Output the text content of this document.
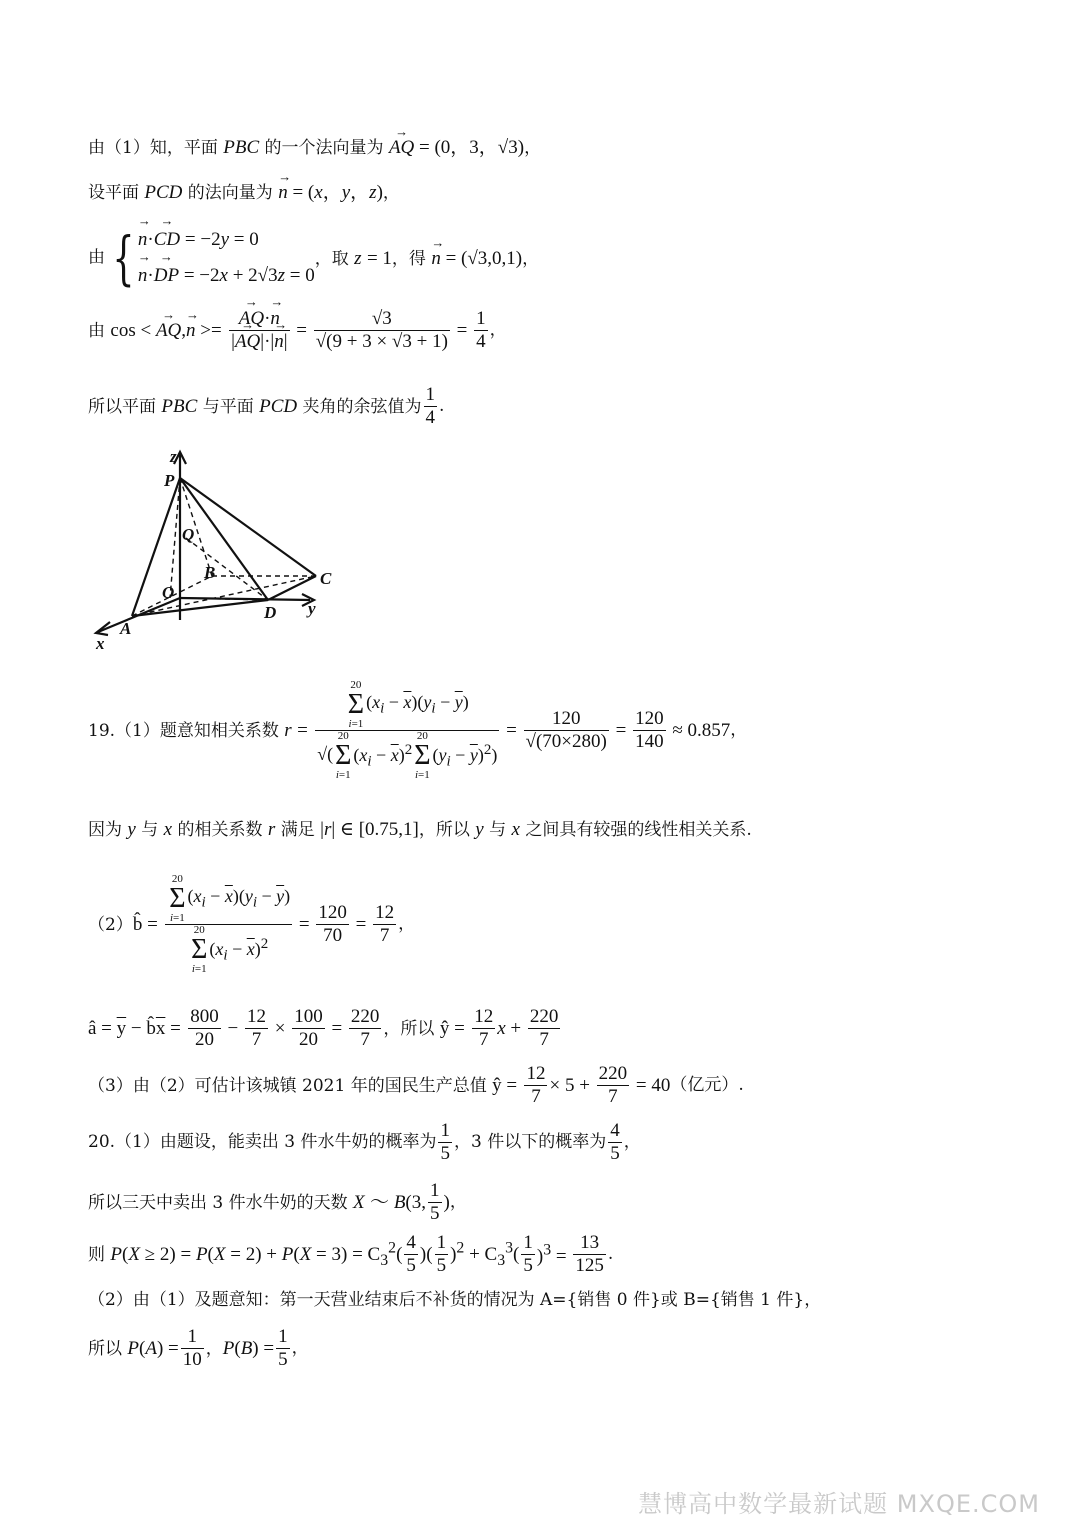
由（1）知，平面 PBC 的一个法向量为 → AQ = (0，3，√3)，
设平面 PCD 的法向量为 → n = (x，y，z)，
由 { → n·→ CD = −2y = 0
→ n·→ DP = −2x + 2√3z = 0
，取 z = 1，得 → n = (√3,0,1)，
由 cos < → AQ,→ n >= → $\frac{AQ\cdot\to n}{|\to AQ|\cdot|\to n|} = \frac{√3}{√(9 + 3 \times √3 + 1)} = \frac{1}{4}$ ，
所以平面 PBC 与平面 PCD 夹角的余弦值为 $\frac{1}{4}$ .
z
P
Q
B	C
O
D y
A
x
19.（1）题意知相关系数 r = 20
Σ
$i=1(x_i - \overline{x})(y_i - \overline{y})$
√(20
Σ
$i=1(x_i - \overline{x})^220$
Σ
$i=1(y_i - \overline{y})^2) = \frac{120}{√(70\times 280)} = \frac{120}{140} \approx 0.857$，
因为 y 与 x 的相关系数 r 满足 |r| ∈ [0.75,1]，所以 y 与 x 之间具有较强的线性相关关系.
（2）b̂ = 20
Σ
$i=1(x_i - \overline{x})(y_i - \overline{y})$
20
Σ
$i=1(x_i - \overline{x})^2 = \frac{120}{70} = \frac{12}{7}$ ，
â = $\overline{y}$ − $b̂\overline{x} = \frac{800}{20} - \frac{12}{7} \times \frac{100}{20} = \frac{220}{7}$ ，所以 ŷ = $\frac{12}{7}$ $x + \frac{220}{7}$
（3）由（2）可估计该城镇 2021 年的国民生产总值 ŷ = $\frac{12}{7} \times 5 + \frac{220}{7} = 40$（亿元）.
20.（1）由题设，能卖出 3 件水牛奶的概率为 $\frac{1}{5}$ ，3 件以下的概率为 $\frac{4}{5}$ ，
所以三天中卖出 3 件水牛奶的天数 X ～ B(3, $\frac{1}{5}$ )，
则 $P(X \ge 2) = P(X = 2) + P(X = 3) = C_3^2( \frac{4}{5}$ )( $\frac{1}{5} )^2 + C_3^3( \frac{1}{5} )^3 = \frac{13}{125}$ .
（2）由（1）及题意知：第一天营业结束后不补货的情况为 A={销售 0 件}或 B={销售 1 件}，
所以 $P(A) = \frac{1}{10}$ ，$P(B) = \frac{1}{5}$ ，
慧博高中数学最新试题 MXQE.COM
